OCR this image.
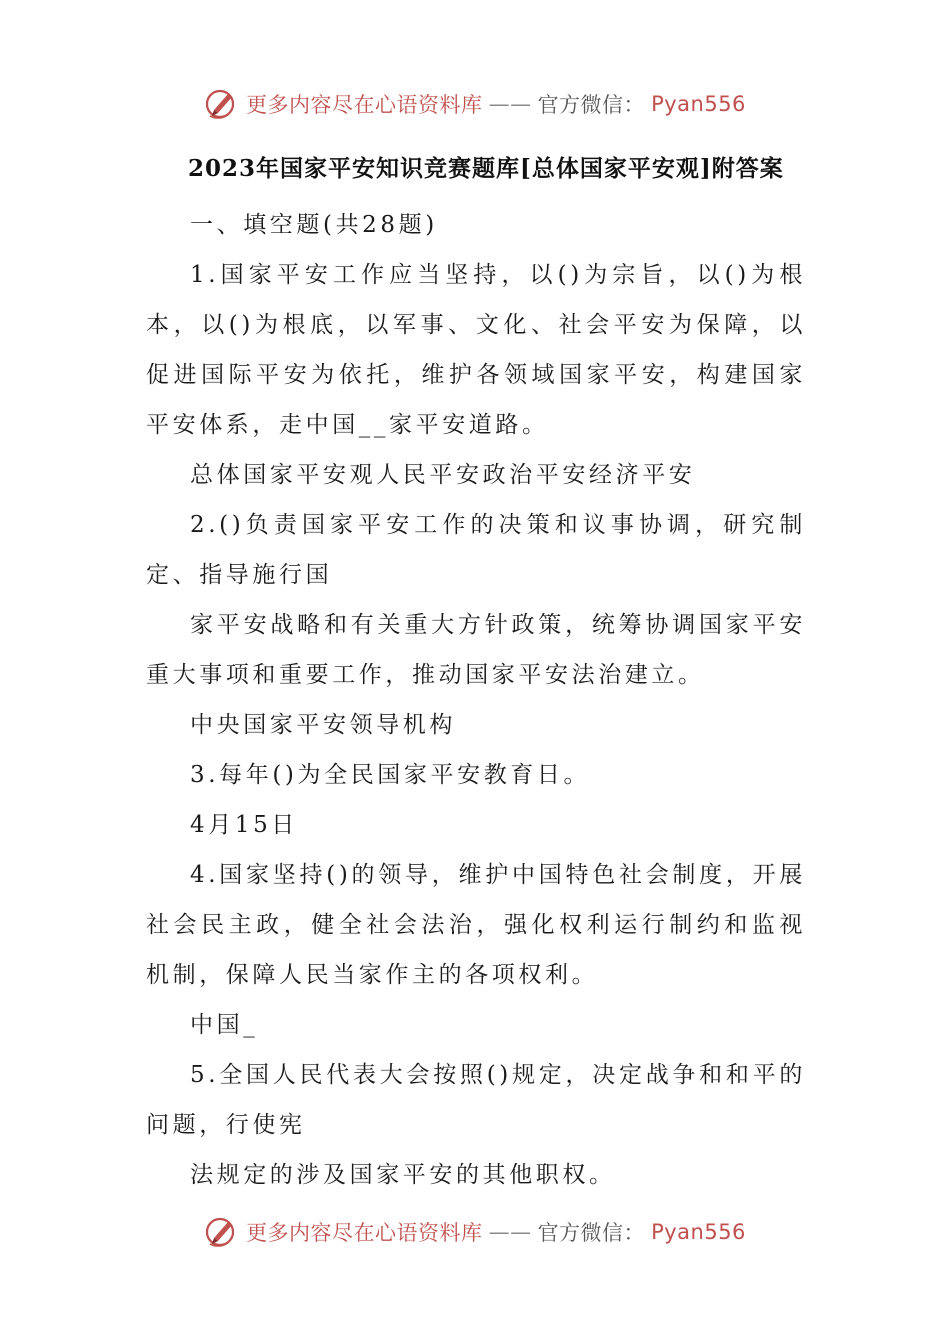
更多内容尽在心语资料库 —— 官方微信： Pyan556
2023年国家平安知识竞赛题库[总体国家平安观]附答案

一、填空题(共28题)

1.国家平安工作应当坚持，以()为宗旨，以()为根本，以()为根底，以军事、文化、社会平安为保障，以促进国际平安为依托，维护各领域国家平安，构建国家平安体系，走中国__家平安道路。

总体国家平安观人民平安政治平安经济平安

2.()负责国家平安工作的决策和议事协调，研究制定、指导施行国

家平安战略和有关重大方针政策，统筹协调国家平安重大事项和重要工作，推动国家平安法治建立。

中央国家平安领导机构

3.每年()为全民国家平安教育日。

4月15日

4.国家坚持()的领导，维护中国特色社会制度，开展社会民主政，健全社会法治，强化权利运行制约和监视机制，保障人民当家作主的各项权利。

中国_

5.全国人民代表大会按照()规定，决定战争和和平的问题，行使宪

法规定的涉及国家平安的其他职权。

更多内容尽在心语资料库 —— 官方微信： Pyan556
